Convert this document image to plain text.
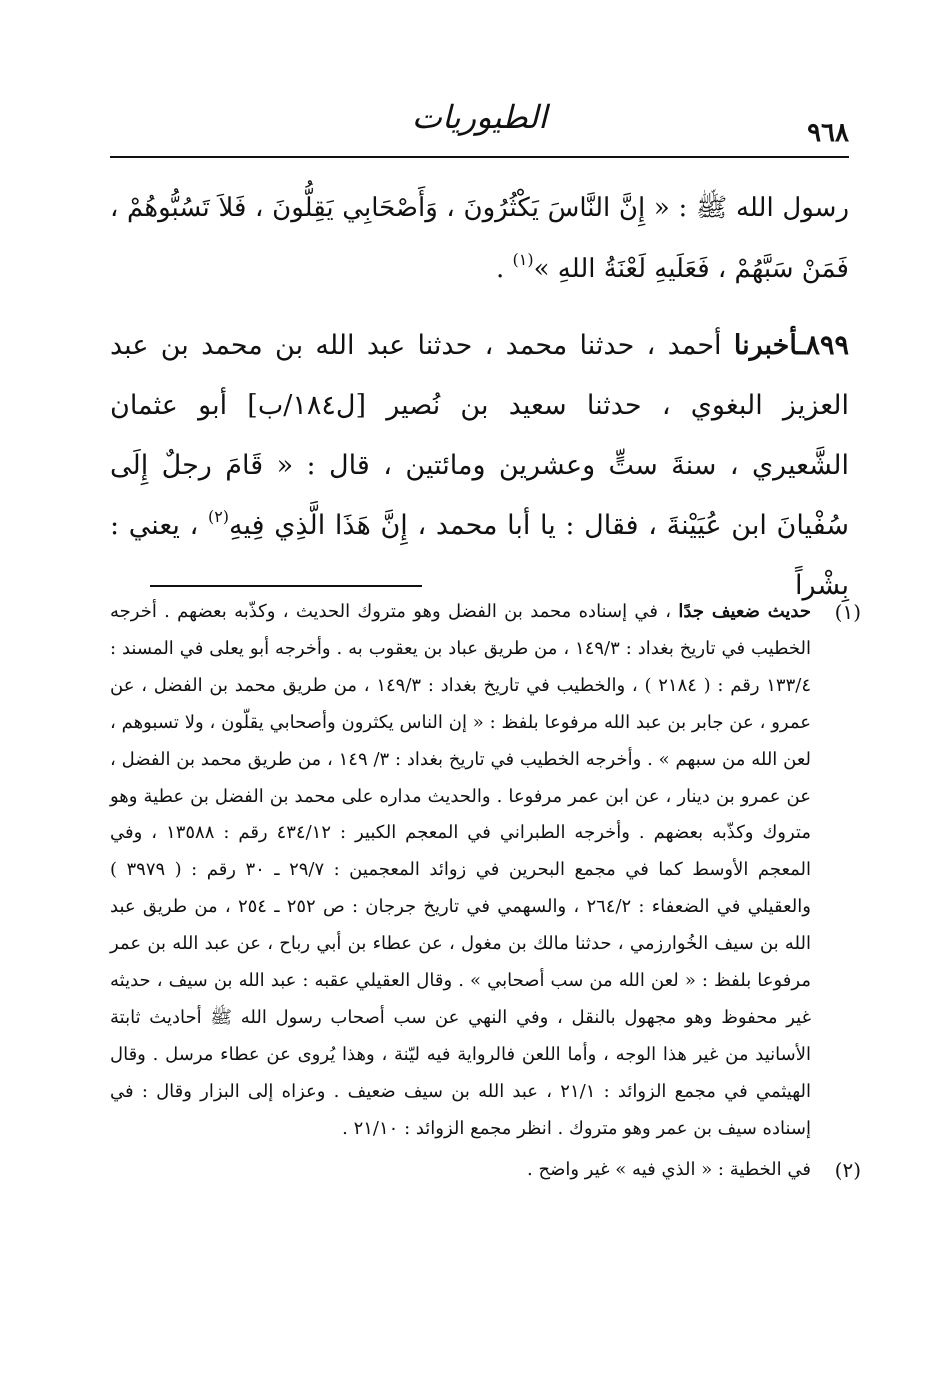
٩٦٨
الطيوريات

رسول الله ﷺ : « إِنَّ النَّاسَ يَكْثُرُونَ ، وَأَصْحَابِي يَقِلُّونَ ، فَلاَ تَسُبُّوهُمْ ، فَمَنْ سَبَّهُمْ ، فَعَلَيهِ لَعْنَةُ اللهِ »$^{(١)}$ .

٨٩٩ـأخبرنا أحمد ، حدثنا محمد ، حدثنا عبد الله بن محمد بن عبد العزيز البغوي ، حدثنا سعيد بن نُصير [ل١٨٤/ب] أبو عثمان الشَّعيري ، سنةَ ستٍّ وعشرين ومائتين ، قال : « قَامَ رجلٌ إِلَى سُفْيانَ ابن عُيَيْنةَ ، فقال : يا أبا محمد ، إِنَّ هَذَا الَّذِي فِيهِ$^{(٢)}$ ، يعني : بِشْراً

(١)
حديث ضعيف جدًا ، في إسناده محمد بن الفضل وهو متروك الحديث ، وكذّبه بعضهم . أخرجه الخطيب في تاريخ بغداد : ١٤٩/٣ ، من طريق عباد بن يعقوب به . وأخرجه أبو يعلى في المسند : ١٣٣/٤ رقم : ( ٢١٨٤ ) ، والخطيب في تاريخ بغداد : ١٤٩/٣ ، من طريق محمد بن الفضل ، عن عمرو ، عن جابر بن عبد الله مرفوعا بلفظ : « إن الناس يكثرون وأصحابي يقلّون ، ولا تسبوهم ، لعن الله من سبهم » . وأخرجه الخطيب في تاريخ بغداد : ٣/ ١٤٩ ، من طريق محمد بن الفضل ، عن عمرو بن دينار ، عن ابن عمر مرفوعا . والحديث مداره على محمد بن الفضل بن عطية وهو متروك وكذّبه بعضهم . وأخرجه الطبراني في المعجم الكبير : ٤٣٤/١٢ رقم : ١٣٥٨٨ ، وفي المعجم الأوسط كما في مجمع البحرين في زوائد المعجمين : ٢٩/٧ ـ ٣٠ رقم : ( ٣٩٧٩ ) والعقيلي في الضعفاء : ٢٦٤/٢ ، والسهمي في تاريخ جرجان : ص ٢٥٢ ـ ٢٥٤ ، من طريق عبد الله بن سيف الخُوارزمي ، حدثنا مالك بن مغول ، عن عطاء بن أبي رباح ، عن عبد الله بن عمر مرفوعا بلفظ : « لعن الله من سب أصحابي » . وقال العقيلي عقبه : عبد الله بن سيف ، حديثه غير محفوظ وهو مجهول بالنقل ، وفي النهي عن سب أصحاب رسول الله ﷺ أحاديث ثابتة الأسانيد من غير هذا الوجه ، وأما اللعن فالرواية فيه ليّنة ، وهذا يُروى عن عطاء مرسل . وقال الهيثمي في مجمع الزوائد : ٢١/١ ، عبد الله بن سيف ضعيف . وعزاه إلى البزار وقال : في إسناده سيف بن عمر وهو متروك . انظر مجمع الزوائد : ٢١/١٠ .

(٢)
في الخطية : « الذي فيه » غير واضح .
